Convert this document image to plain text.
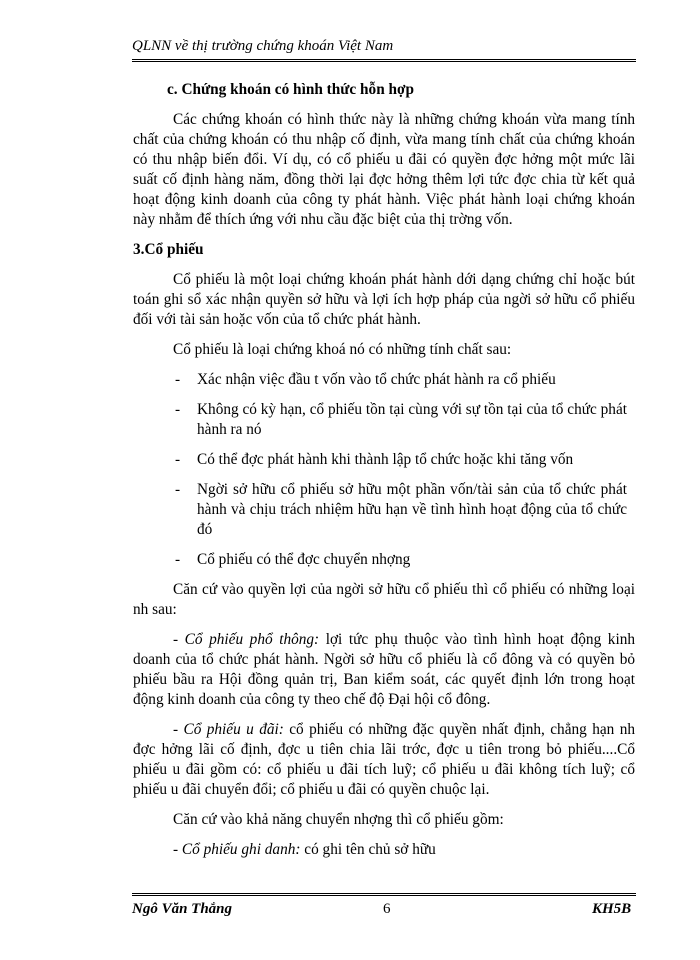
QLNN về thị trường chứng khoán Việt Nam

c. Chứng khoán có hình thức hỗn hợp

Các chứng khoán có hình thức này là những chứng khoán vừa mang tính chất của chứng khoán có thu nhập cố định, vừa mang tính chất của chứng khoán có thu nhập biến đổi. Ví dụ, có cổ phiếu u đãi có quyền đợc hởng một mức lãi suất cố định hàng năm, đồng thời lại đợc hởng thêm lợi tức đợc chia từ kết quả hoạt động kinh doanh của công ty phát hành. Việc phát hành loại chứng khoán này nhằm để thích ứng với nhu cầu đặc biệt của thị trờng vốn.

3.Cổ phiếu

Cổ phiếu là một loại chứng khoán phát hành dới dạng chứng chỉ hoặc bút toán ghi sổ xác nhận quyền sở hữu và lợi ích hợp pháp của ngời sở hữu cổ phiếu đối với tài sản hoặc vốn của tổ chức phát hành.

Cổ phiếu là loại chứng khoá nó có những tính chất sau:

- Xác nhận việc đầu t vốn vào tổ chức phát hành ra cổ phiếu

- Không có kỳ hạn, cổ phiếu tồn tại cùng với sự tồn tại của tổ chức phát hành ra nó

- Có thể đợc phát hành khi thành lập tổ chức hoặc khi tăng vốn

- Ngời sở hữu cổ phiếu sở hữu một phần vốn/tài sản của tổ chức phát hành và chịu trách nhiệm hữu hạn về tình hình hoạt động của tổ chức đó

- Cổ phiếu có thể đợc chuyển nhợng

Căn cứ vào quyền lợi của ngời sở hữu cổ phiếu thì cổ phiếu có những loại nh sau:

- Cổ phiếu phổ thông: lợi tức phụ thuộc vào tình hình hoạt động kinh doanh của tổ chức phát hành. Ngời sở hữu cổ phiếu là cổ đông và có quyền bỏ phiếu bầu ra Hội đồng quản trị, Ban kiểm soát, các quyết định lớn trong hoạt động kinh doanh của công ty theo chế độ Đại hội cổ đông.

- Cổ phiếu u đãi: cổ phiếu có những đặc quyền nhất định, chẳng hạn nh đợc hởng lãi cố định, đợc u tiên chia lãi trớc, đợc u tiên trong bỏ phiếu....Cổ phiếu u đãi gồm có: cổ phiếu u đãi tích luỹ; cổ phiếu u đãi không tích luỹ; cổ phiếu u đãi chuyển đổi; cổ phiếu u đãi có quyền chuộc lại.

Căn cứ vào khả năng chuyển nhợng thì cổ phiếu gồm:

- Cổ phiếu ghi danh: có ghi tên chủ sở hữu

Ngô Văn Thắng	6	KH5B
